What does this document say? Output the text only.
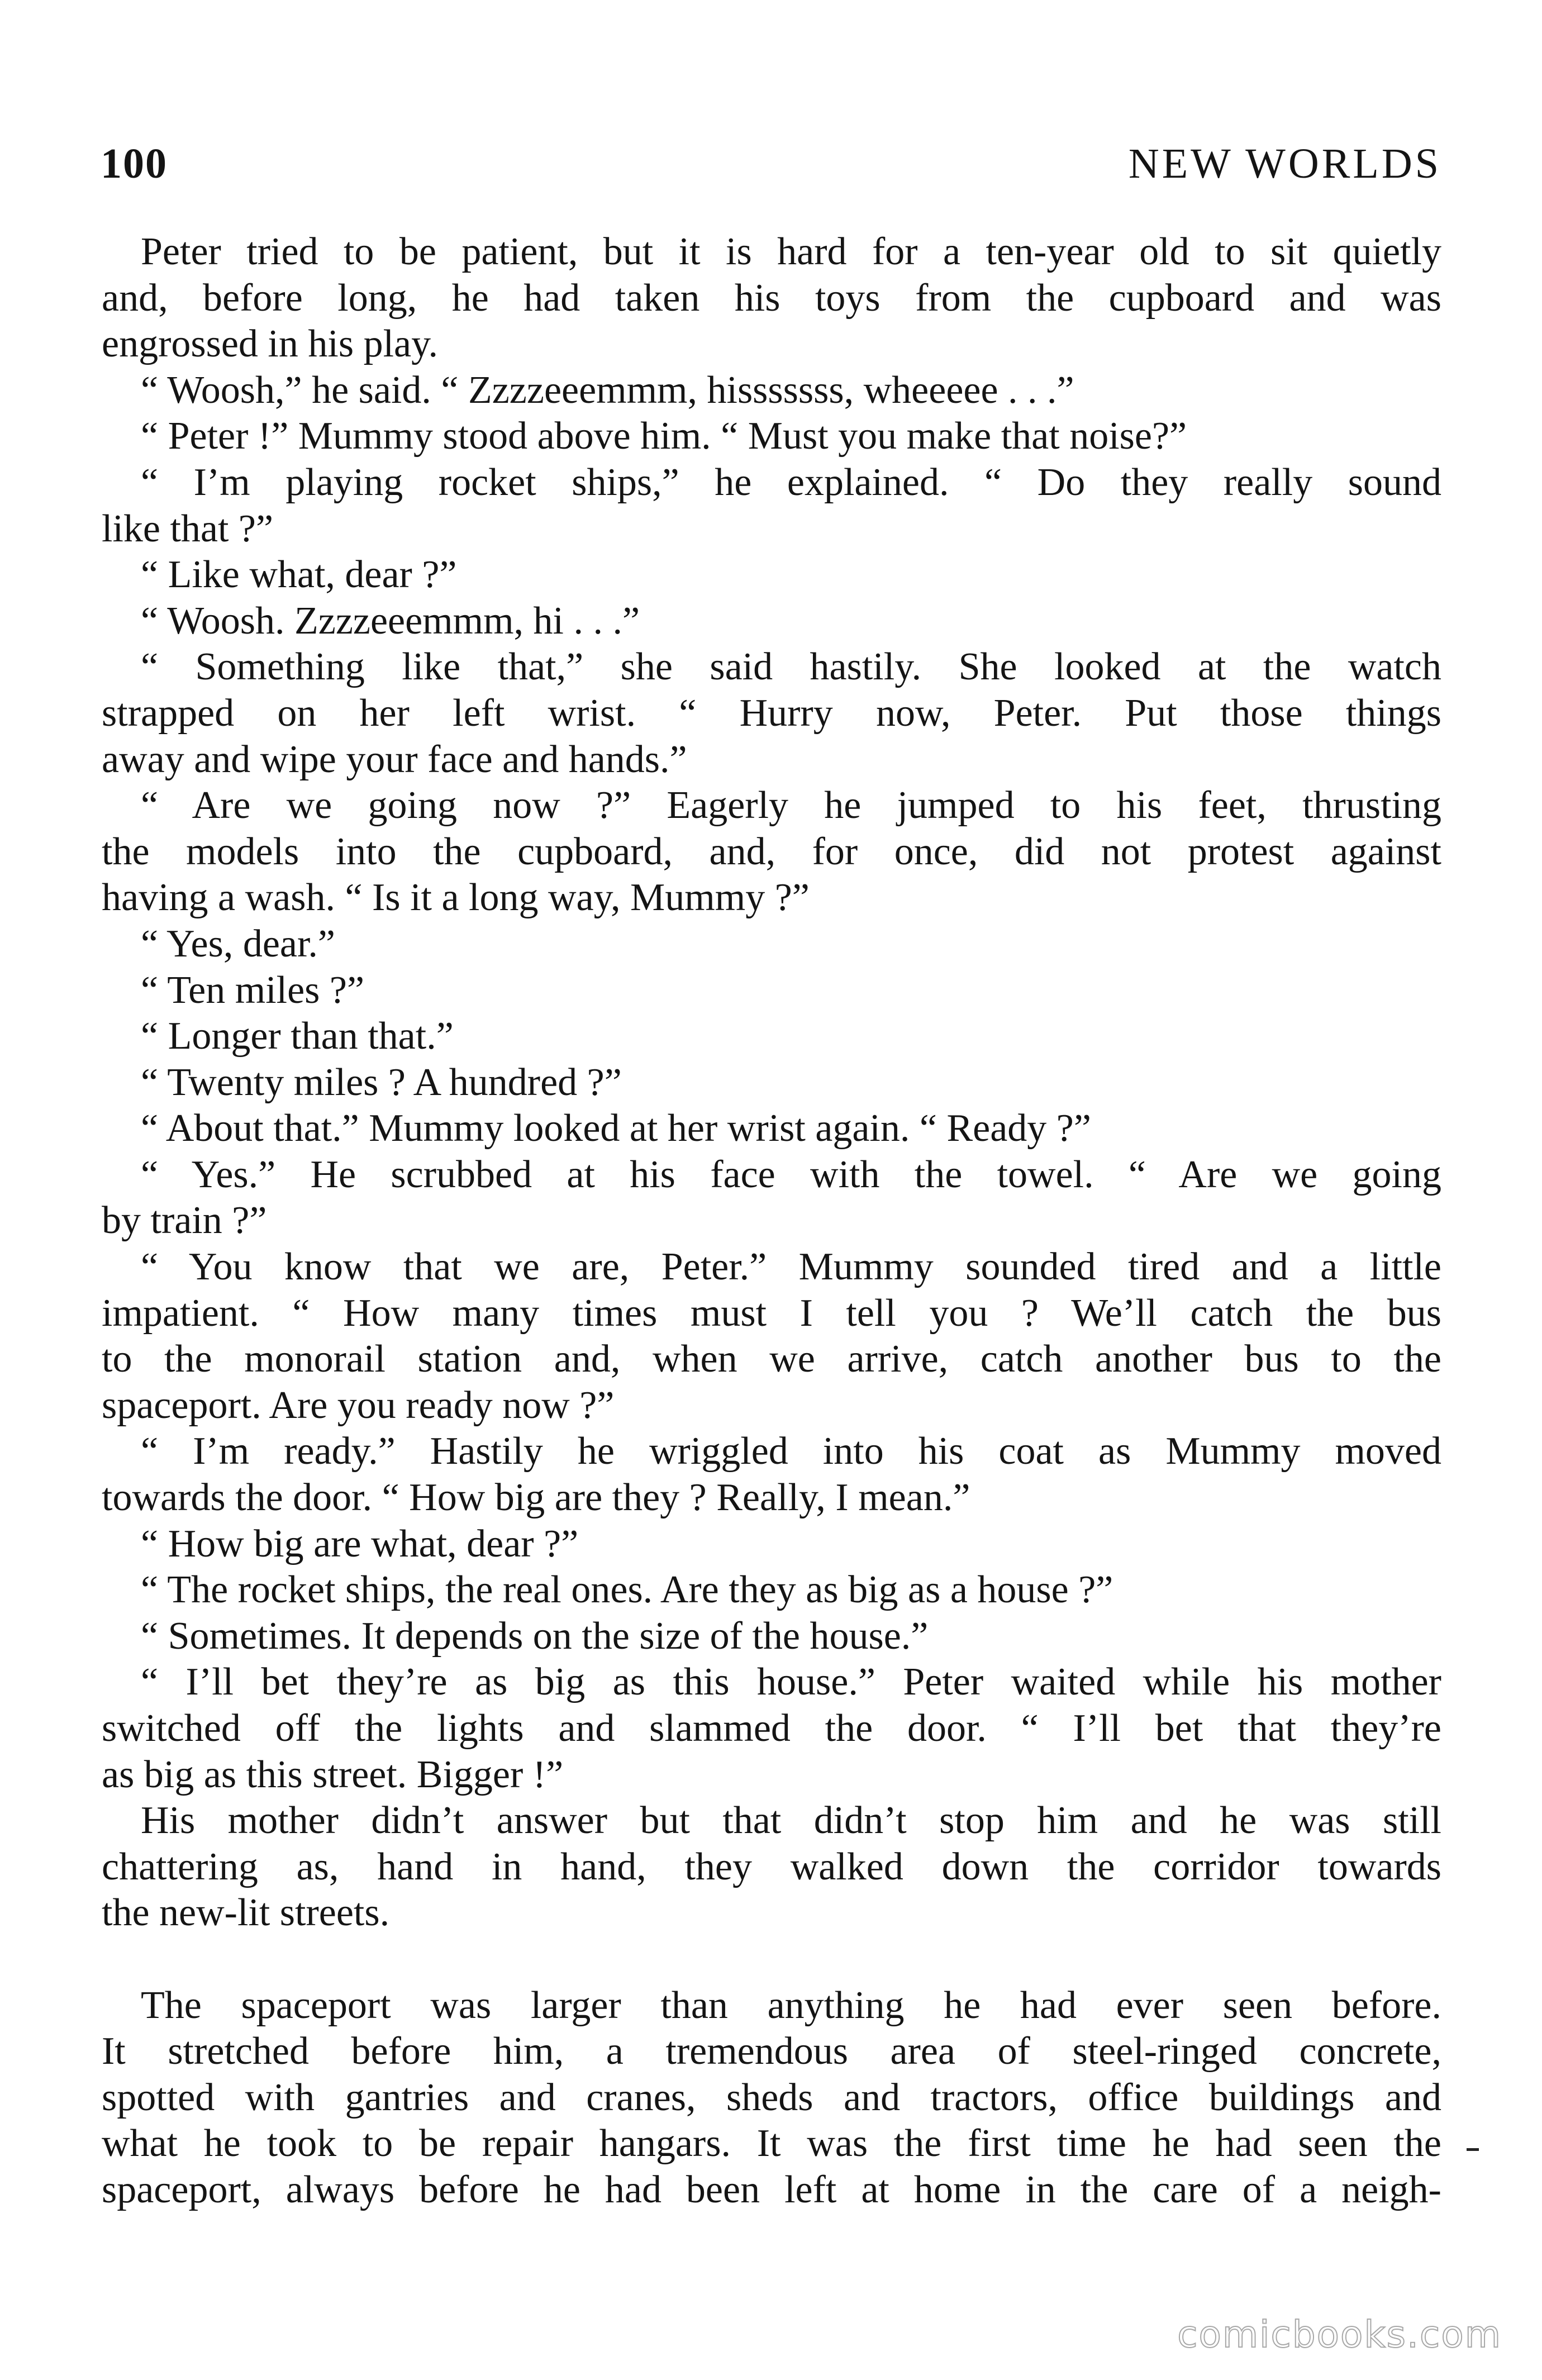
100	NEW WORLDS
Peter tried to be patient, but it is hard for a ten-year old to sit quietly
and, before long, he had taken his toys from the cupboard and was
engrossed in his play.
“ Woosh,” he said. “ Zzzzeeemmm, hisssssss, wheeeee . . .”
“ Peter !” Mummy stood above him. “ Must you make that noise?”
“ I’m playing rocket ships,” he explained. “ Do they really sound
like that ?”
“ Like what, dear ?”
“ Woosh. Zzzzeeemmm, hi . . .”
“ Something like that,” she said hastily. She looked at the watch
strapped on her left wrist. “ Hurry now, Peter. Put those things
away and wipe your face and hands.”
“ Are we going now ?” Eagerly he jumped to his feet, thrusting
the models into the cupboard, and, for once, did not protest against
having a wash. “ Is it a long way, Mummy ?”
“ Yes, dear.”
“ Ten miles ?”
“ Longer than that.”
“ Twenty miles ? A hundred ?”
“ About that.” Mummy looked at her wrist again. “ Ready ?”
“ Yes.” He scrubbed at his face with the towel. “ Are we going
by train ?”
“ You know that we are, Peter.” Mummy sounded tired and a little
impatient. “ How many times must I tell you ? We’ll catch the bus
to the monorail station and, when we arrive, catch another bus to the
spaceport. Are you ready now ?”
“ I’m ready.” Hastily he wriggled into his coat as Mummy moved
towards the door. “ How big are they ? Really, I mean.”
“ How big are what, dear ?”
“ The rocket ships, the real ones. Are they as big as a house ?”
“ Sometimes. It depends on the size of the house.”
“ I’ll bet they’re as big as this house.” Peter waited while his mother
switched off the lights and slammed the door. “ I’ll bet that they’re
as big as this street. Bigger !”
His mother didn’t answer but that didn’t stop him and he was still
chattering as, hand in hand, they walked down the corridor towards
the new-lit streets.
The spaceport was larger than anything he had ever seen before.
It stretched before him, a tremendous area of steel-ringed concrete,
spotted with gantries and cranes, sheds and tractors, office buildings and
what he took to be repair hangars. It was the first time he had seen the
spaceport, always before he had been left at home in the care of a neigh-
comicbooks.com
